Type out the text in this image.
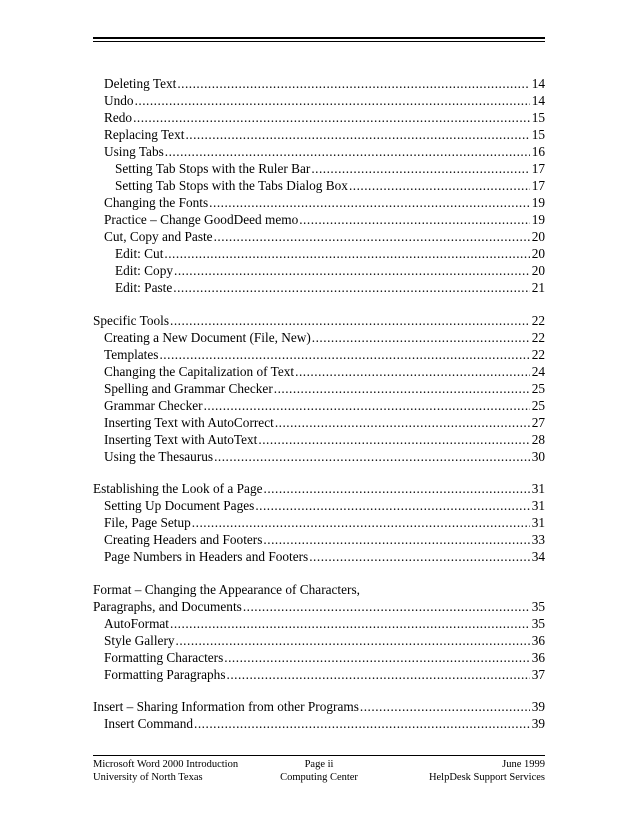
Deleting Text .....	14
Undo .....	14
Redo .....	15
Replacing Text .....	15
Using Tabs .....	16
Setting Tab Stops with the Ruler Bar .....	17
Setting Tab Stops with the Tabs Dialog Box .....	17
Changing the Fonts .....	19
Practice – Change GoodDeed memo .....	19
Cut, Copy and Paste .....	20
Edit: Cut .....	20
Edit: Copy .....	20
Edit: Paste .....	21
Specific Tools .....	22
Creating a New Document (File, New) .....	22
Templates .....	22
Changing the Capitalization of Text .....	24
Spelling and Grammar Checker .....	25
Grammar Checker .....	25
Inserting Text with AutoCorrect .....	27
Inserting Text with AutoText .....	28
Using the Thesaurus .....	30
Establishing the Look of a Page .....	31
Setting Up Document Pages .....	31
File, Page Setup .....	31
Creating Headers and Footers .....	33
Page Numbers in Headers and Footers .....	34
Format – Changing the Appearance of Characters,
Paragraphs, and Documents .....	35
AutoFormat .....	35
Style Gallery .....	36
Formatting Characters .....	36
Formatting Paragraphs .....	37
Insert – Sharing Information from other Programs .....	39
Insert Command .....	39
Microsoft Word 2000 Introduction	Page ii	June 1999
University of North Texas	Computing Center	HelpDesk Support Services
